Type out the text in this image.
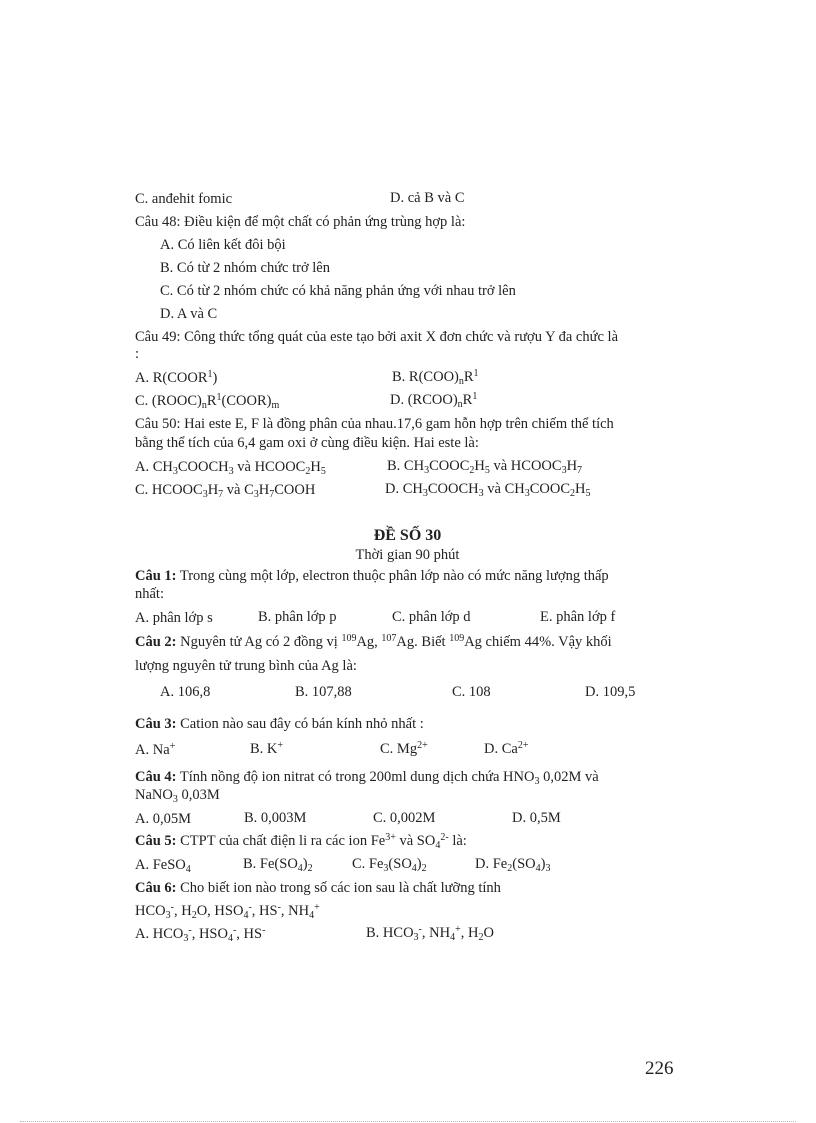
C. anđehit fomic	D. cả B và C
Câu 48: Điều kiện để một chất có phản ứng trùng hợp là:
A. Có liên kết đôi bội
B. Có từ 2 nhóm chức trở lên
C. Có từ 2 nhóm chức có khả năng phản ứng với nhau trở lên
D. A và C
Câu 49: Công thức tổng quát của este tạo bởi axit X đơn chức và rượu Y đa chức là
:
A. R(COOR$^1$)	B. $R(COO)_nR^1$
C. $(ROOC)_nR^1(COOR)_m$	D. $(RCOO)_nR^1$
Câu 50: Hai este E, F là đồng phân của nhau.17,6 gam hỗn hợp trên chiếm thể tích
bằng thể tích của 6,4 gam oxi ở cùng điều kiện. Hai este là:
A. $CH_3COOCH_3$ và $HCOOC_2H_5$	B. $CH_3COOC_2H_5$ và $HCOOC_3H_7$
C. $HCOOC_3H_7$ và $C_3H_7COOH$	D. $CH_3COOCH_3$ và $CH_3COOC_2H_5$
ĐỀ SỐ 30
Thời gian 90 phút
Câu 1: Trong cùng một lớp, electron thuộc phân lớp nào có mức năng lượng thấp
nhất:
A. phân lớp s	B. phân lớp p	C. phân lớp d	E. phân lớp f
Câu 2: Nguyên tử Ag có 2 đồng vị $^{109}$Ag, $^{107}$Ag. Biết $^{109}$Ag chiếm 44%. Vậy khối
lượng nguyên tử trung bình của Ag là:
A. 106,8	B. 107,88	C. 108	D. 109,5
Câu 3: Cation nào sau đây có bán kính nhỏ nhất :
A. Na+	B. K+	C. $Mg^{2+}$	D. $Ca^{2+}$
Câu 4: Tính nồng độ ion nitrat có trong 200ml dung dịch chứa $HNO_3$ 0,02M và
NaNO$_3$ 0,03M
A. 0,05M	B. 0,003M	C. 0,002M	D. 0,5M
Câu 5: CTPT của chất điện li ra các ion $Fe^{3+}$ và $SO_4^{2-}$ là:
A. FeSO$_4$	B. $Fe(SO_4)_2$	C. $Fe_3(SO_4)_2$	D. $Fe_2(SO_4)_3$
Câu 6: Cho biết ion nào trong số các ion sau là chất lưỡng tính
$HCO_3^-$, $H_2O$, $HSO_4^-$, HS-, $NH_4^+$
A. $HCO_3^-$, $HSO_4^-$, HS-	B. $HCO_3^-$, $NH_4^+$, $H_2O$
226
